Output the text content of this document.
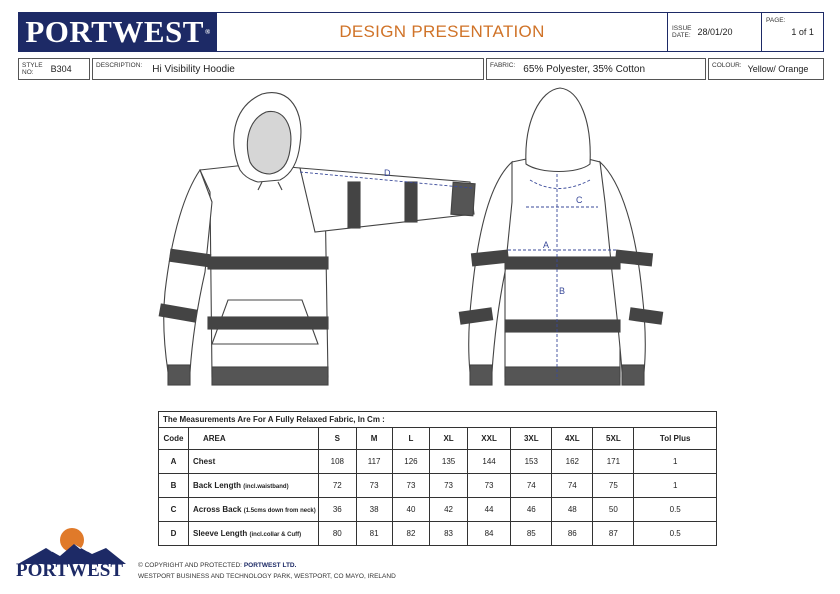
PORTWEST ®	DESIGN PRESENTATION	ISSUE
DATE: 28/01/20
PAGE:
1 of 1
STYLE
NO:	B304	DESCRIPTION:	Hi Visibility Hoodie	FABRIC: 65% Polyester, 35% Cotton	COLOUR: Yellow/ Orange
D
A
B
C
The Measurements Are For A Fully Relaxed Fabric, In Cm :										
Code	AREA	S	M	L	XL	XXL	3XL	4XL	5XL	Tol Plus
A	Chest	108	117	126	135	144	153	162	171	1
B	Back Length (incl.waistband)	72	73	73	73	73	74	74	75	1
C	Across Back (1.5cms down from neck)	36	38	40	42	44	46	48	50	0.5
D	Sleeve Length (incl.collar & Cuff)	80	81	82	83	84	85	86	87	0.5
PORTWEST © COPYRIGHT AND PROTECTED: PORTWEST LTD.
WESTPORT BUSINESS AND TECHNOLOGY PARK, WESTPORT, CO MAYO, IRELAND
